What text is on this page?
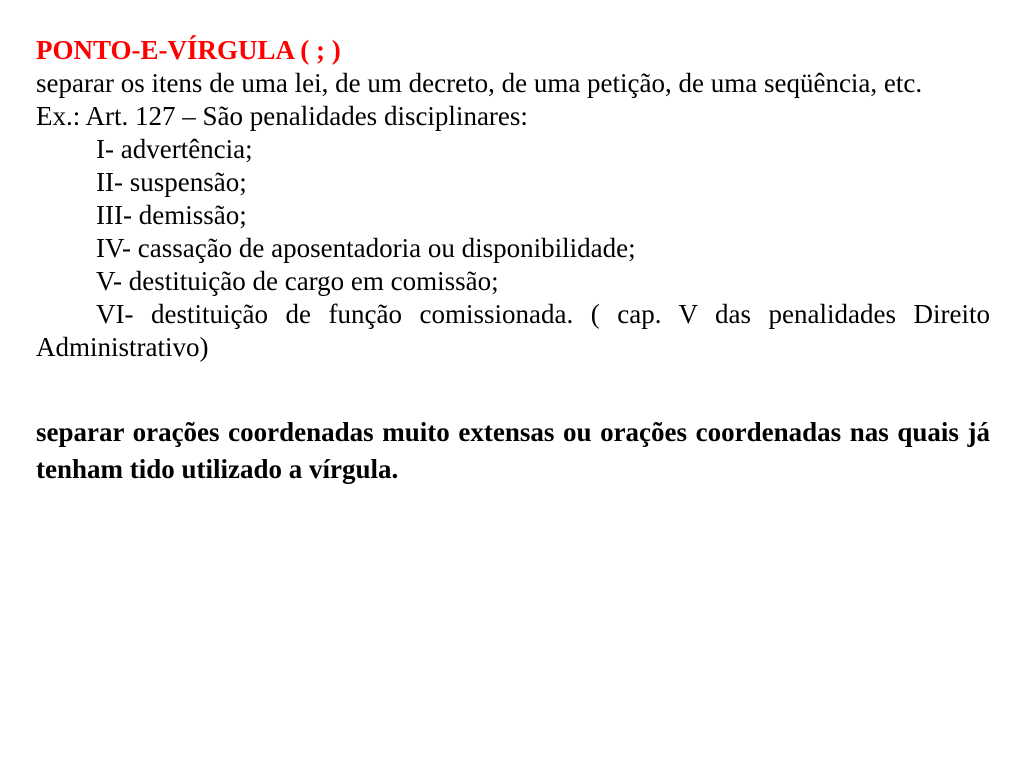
PONTO-E-VÍRGULA ( ; )

separar os itens de uma lei, de um decreto, de uma petição, de uma seqüência, etc.

Ex.: Art. 127 – São penalidades disciplinares:

I- advertência;

II- suspensão;

III- demissão;

IV- cassação de aposentadoria ou disponibilidade;

V- destituição de cargo em comissão;

VI- destituição de função comissionada. ( cap. V das penalidades Direito Administrativo)

separar orações coordenadas muito extensas ou orações coordenadas nas quais já tenham tido utilizado a vírgula.
